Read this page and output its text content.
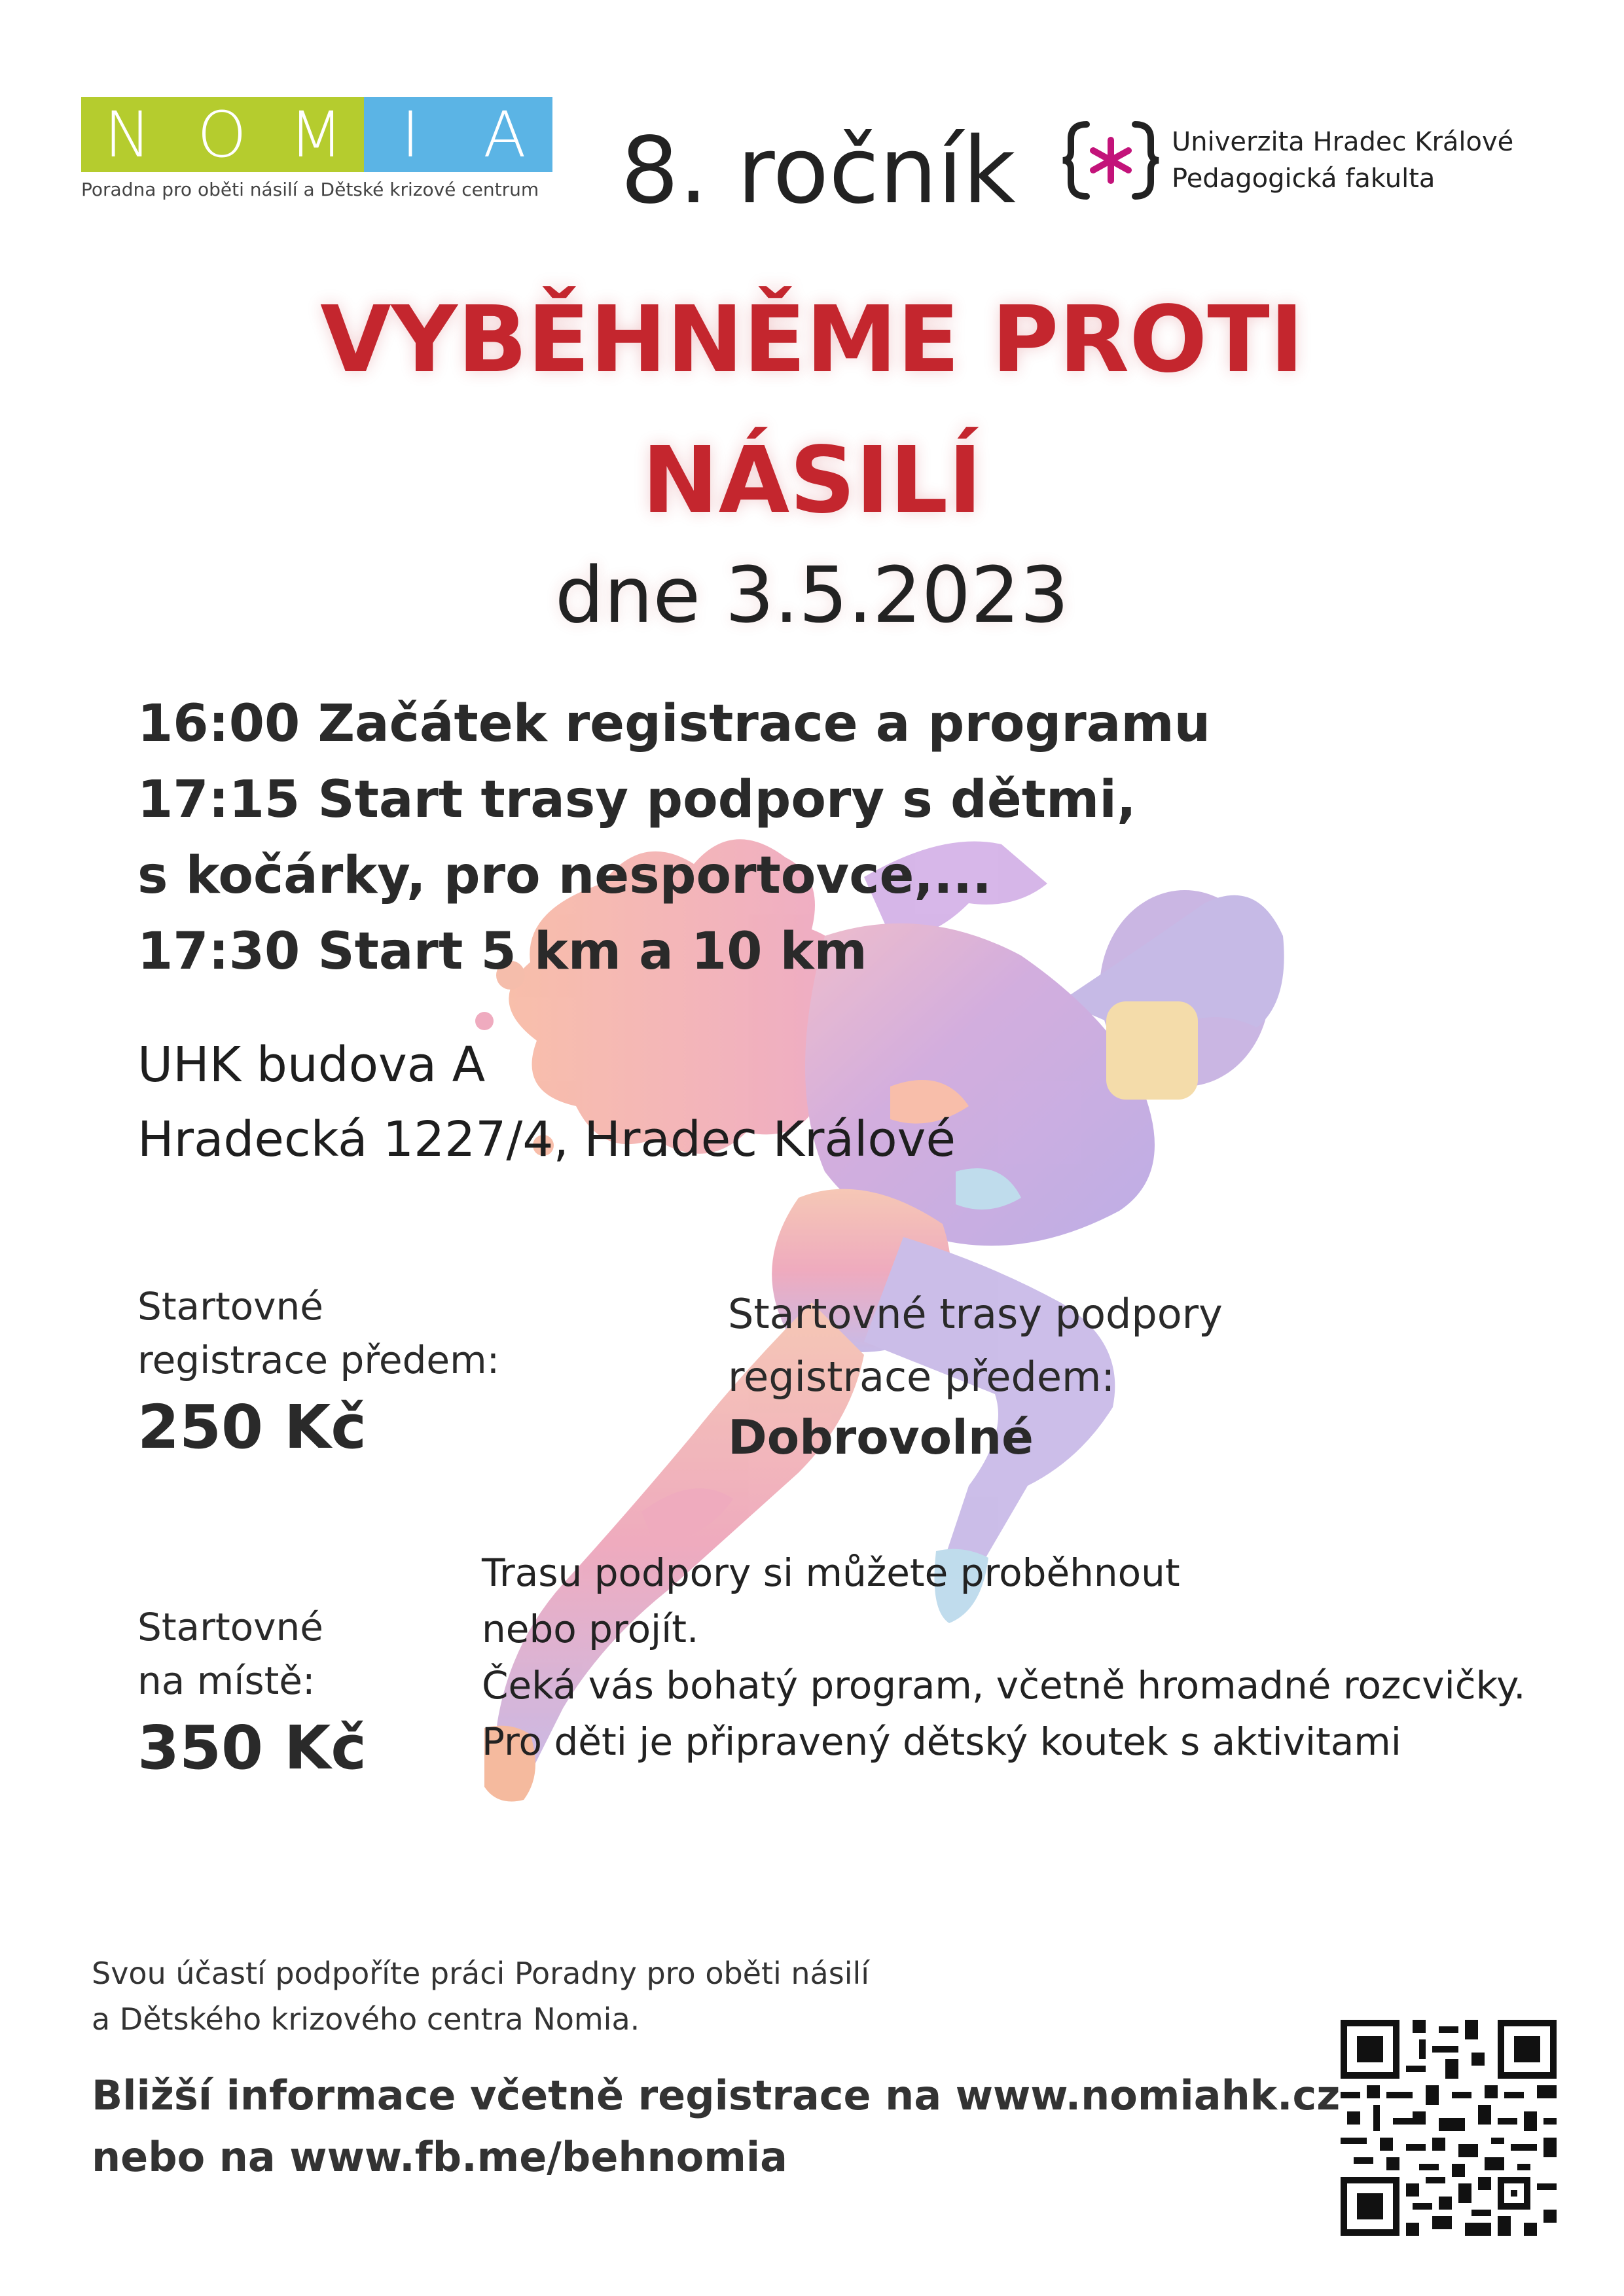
N O M I A
Poradna pro oběti násilí a Dětské krizové centrum 8. ročník	Univerzita Hradec Králové
Pedagogická fakulta
VYBĚHNĚME PROTI
NÁSILÍ
dne 3.5.2023
16:00 Začátek registrace a programu
17:15 Start trasy podpory s dětmi,
s kočárky, pro nesportovce,...
17:30 Start 5 km a 10 km
UHK budova A
Hradecká 1227/4, Hradec Králové
Startovné
registrace předem:
250 Kč
Startovné trasy podpory
registrace předem:
Dobrovolné
Startovné
na místě:
350 Kč
Trasu podpory si můžete proběhnout
nebo projít.
Čeká vás bohatý program, včetně hromadné rozcvičky.
Pro děti je připravený dětský koutek s aktivitami
Svou účastí podpoříte práci Poradny pro oběti násilí
a Dětského krizového centra Nomia.
Bližší informace včetně registrace na www.nomiahk.cz
nebo na www.fb.me/behnomia
